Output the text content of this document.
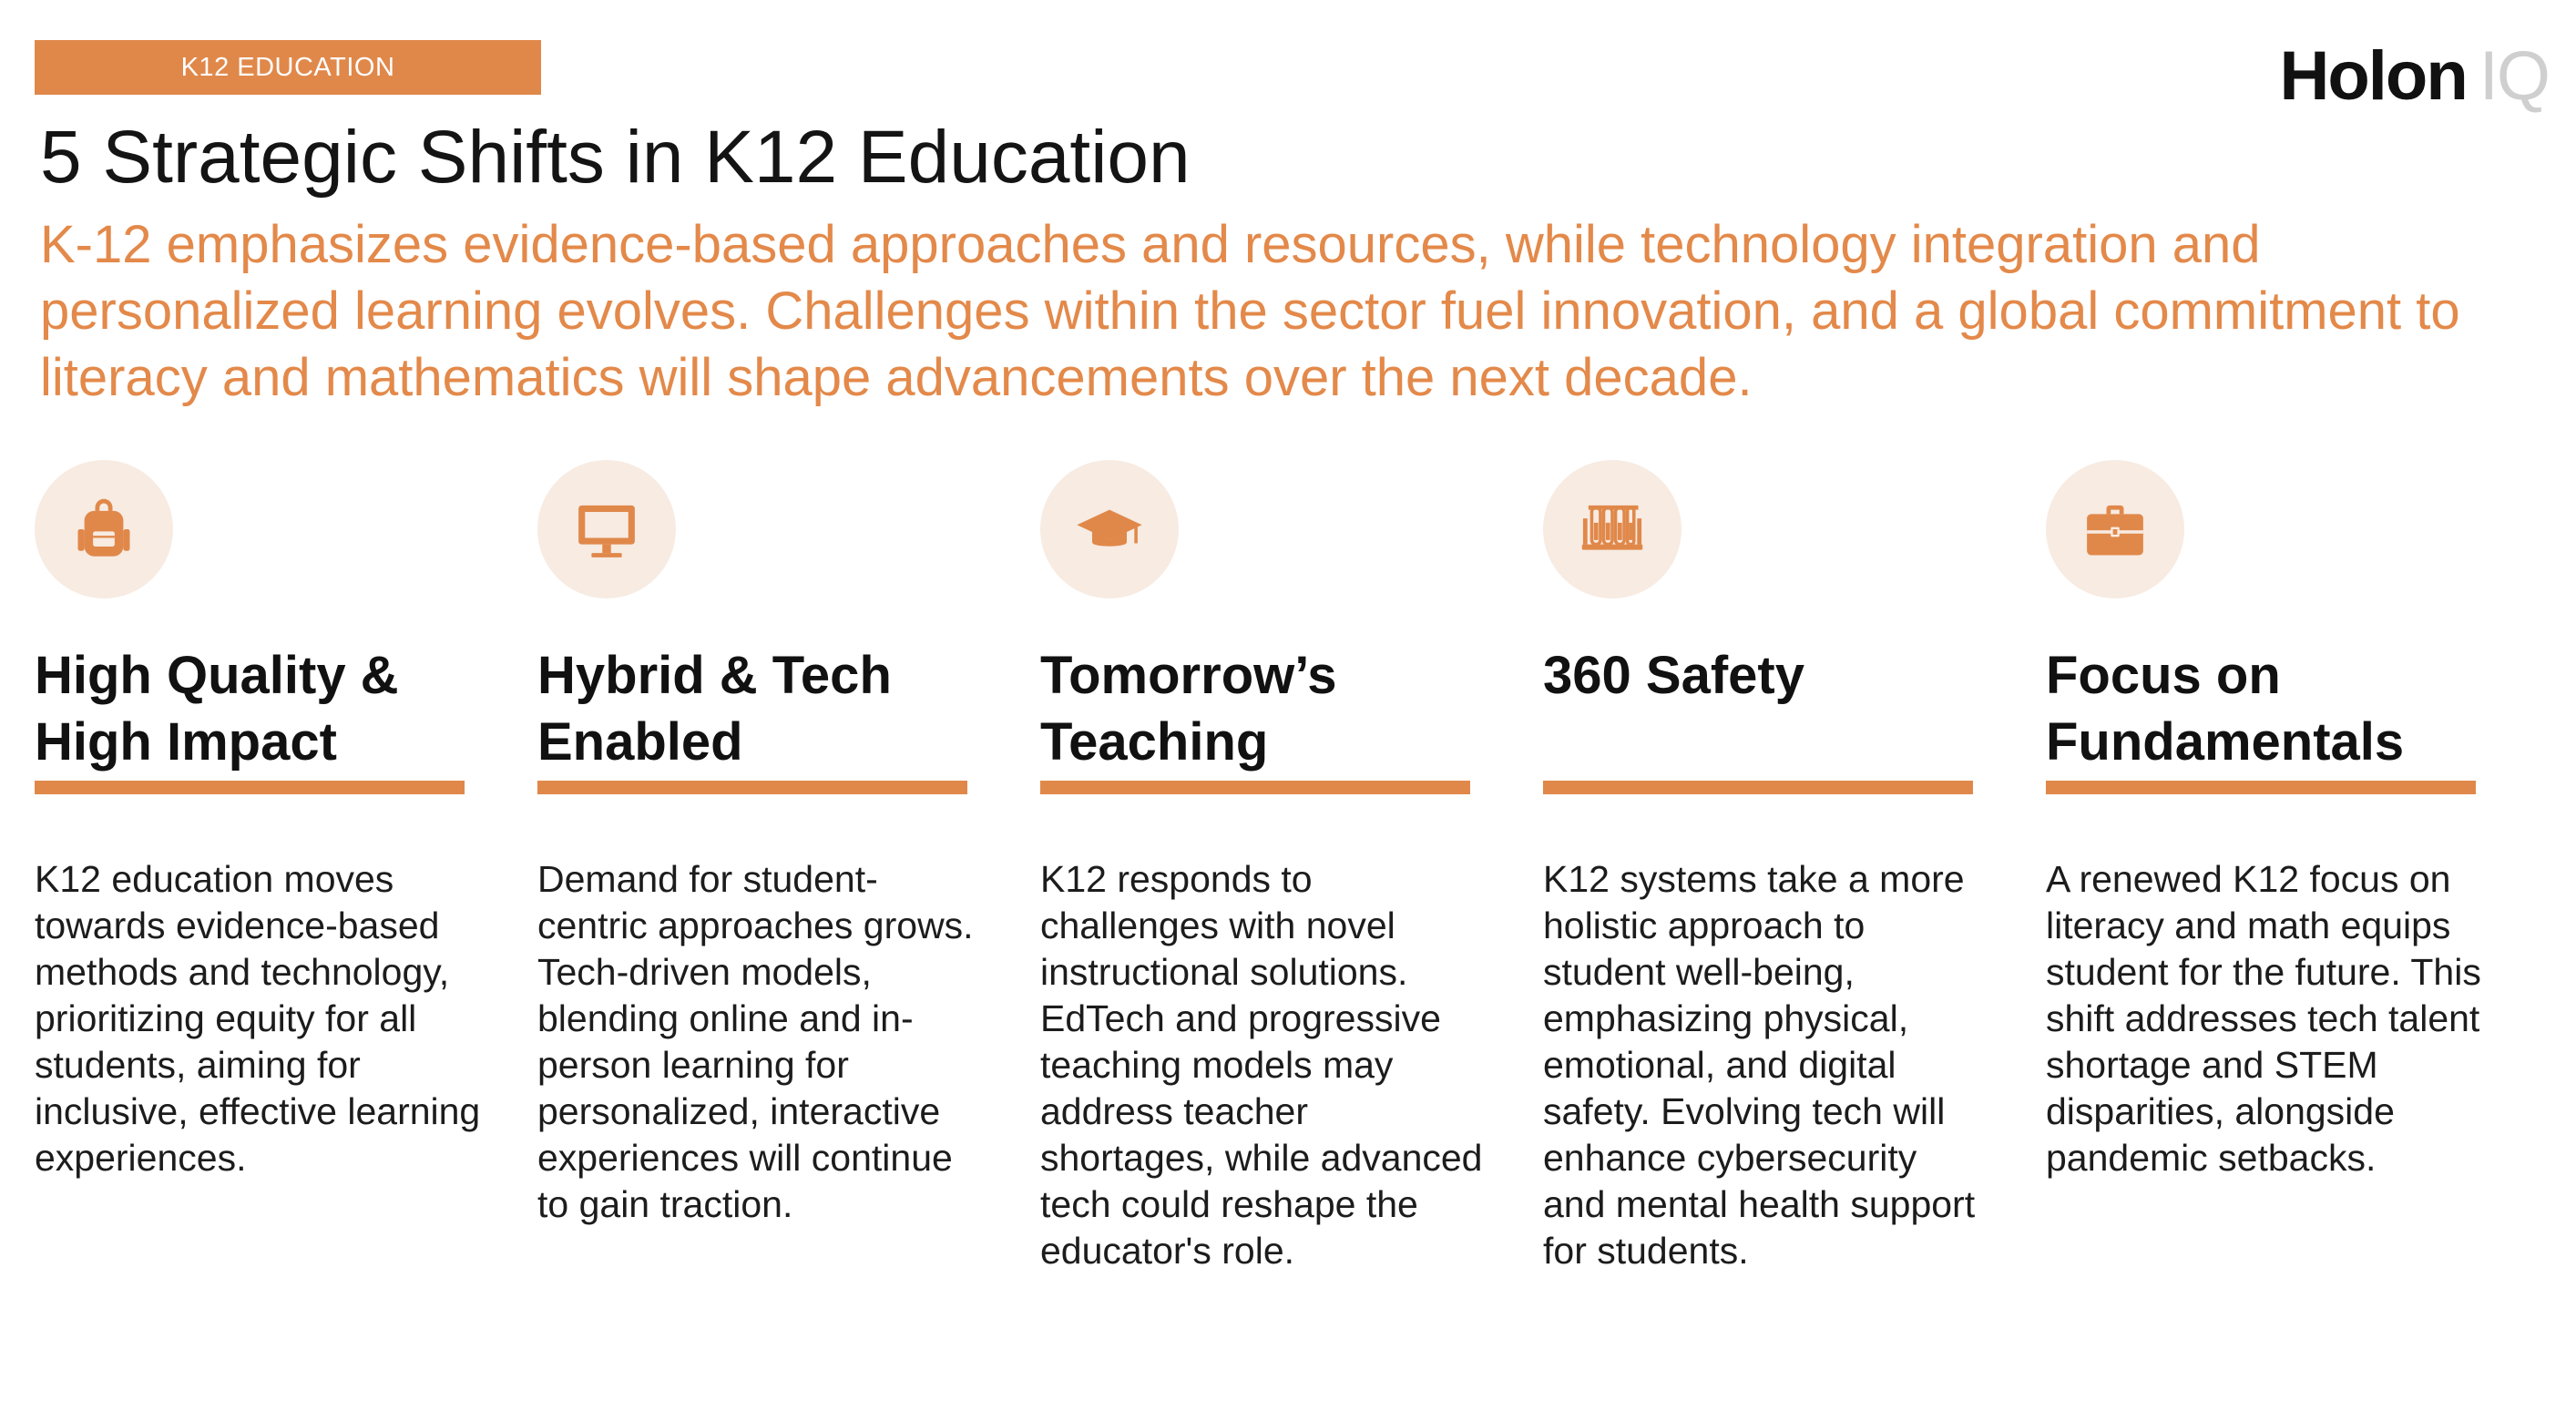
K12 EDUCATION	Holon IQ
5 Strategic Shifts in K12 Education

K-12 emphasizes evidence-based approaches and resources, while technology integration and personalized learning evolves. Challenges within the sector fuel innovation, and a global commitment to literacy and mathematics will shape advancements over the next decade.

High Quality & High Impact
K12 education moves towards evidence-based methods and technology, prioritizing equity for all students, aiming for inclusive, effective learning experiences.
Hybrid & Tech Enabled
Demand for student-centric approaches grows. Tech-driven models, blending online and in-person learning for personalized, interactive experiences will continue to gain traction.
Tomorrow’s Teaching
K12 responds to challenges with novel instructional solutions. EdTech and progressive teaching models may address teacher shortages, while advanced tech could reshape the educator's role.
360 Safety
K12 systems take a more holistic approach to student well-being, emphasizing physical, emotional, and digital safety. Evolving tech will enhance cybersecurity and mental health support for students.
Focus on Fundamentals
A renewed K12 focus on literacy and math equips student for the future. This shift addresses tech talent shortage and STEM disparities, alongside pandemic setbacks.
